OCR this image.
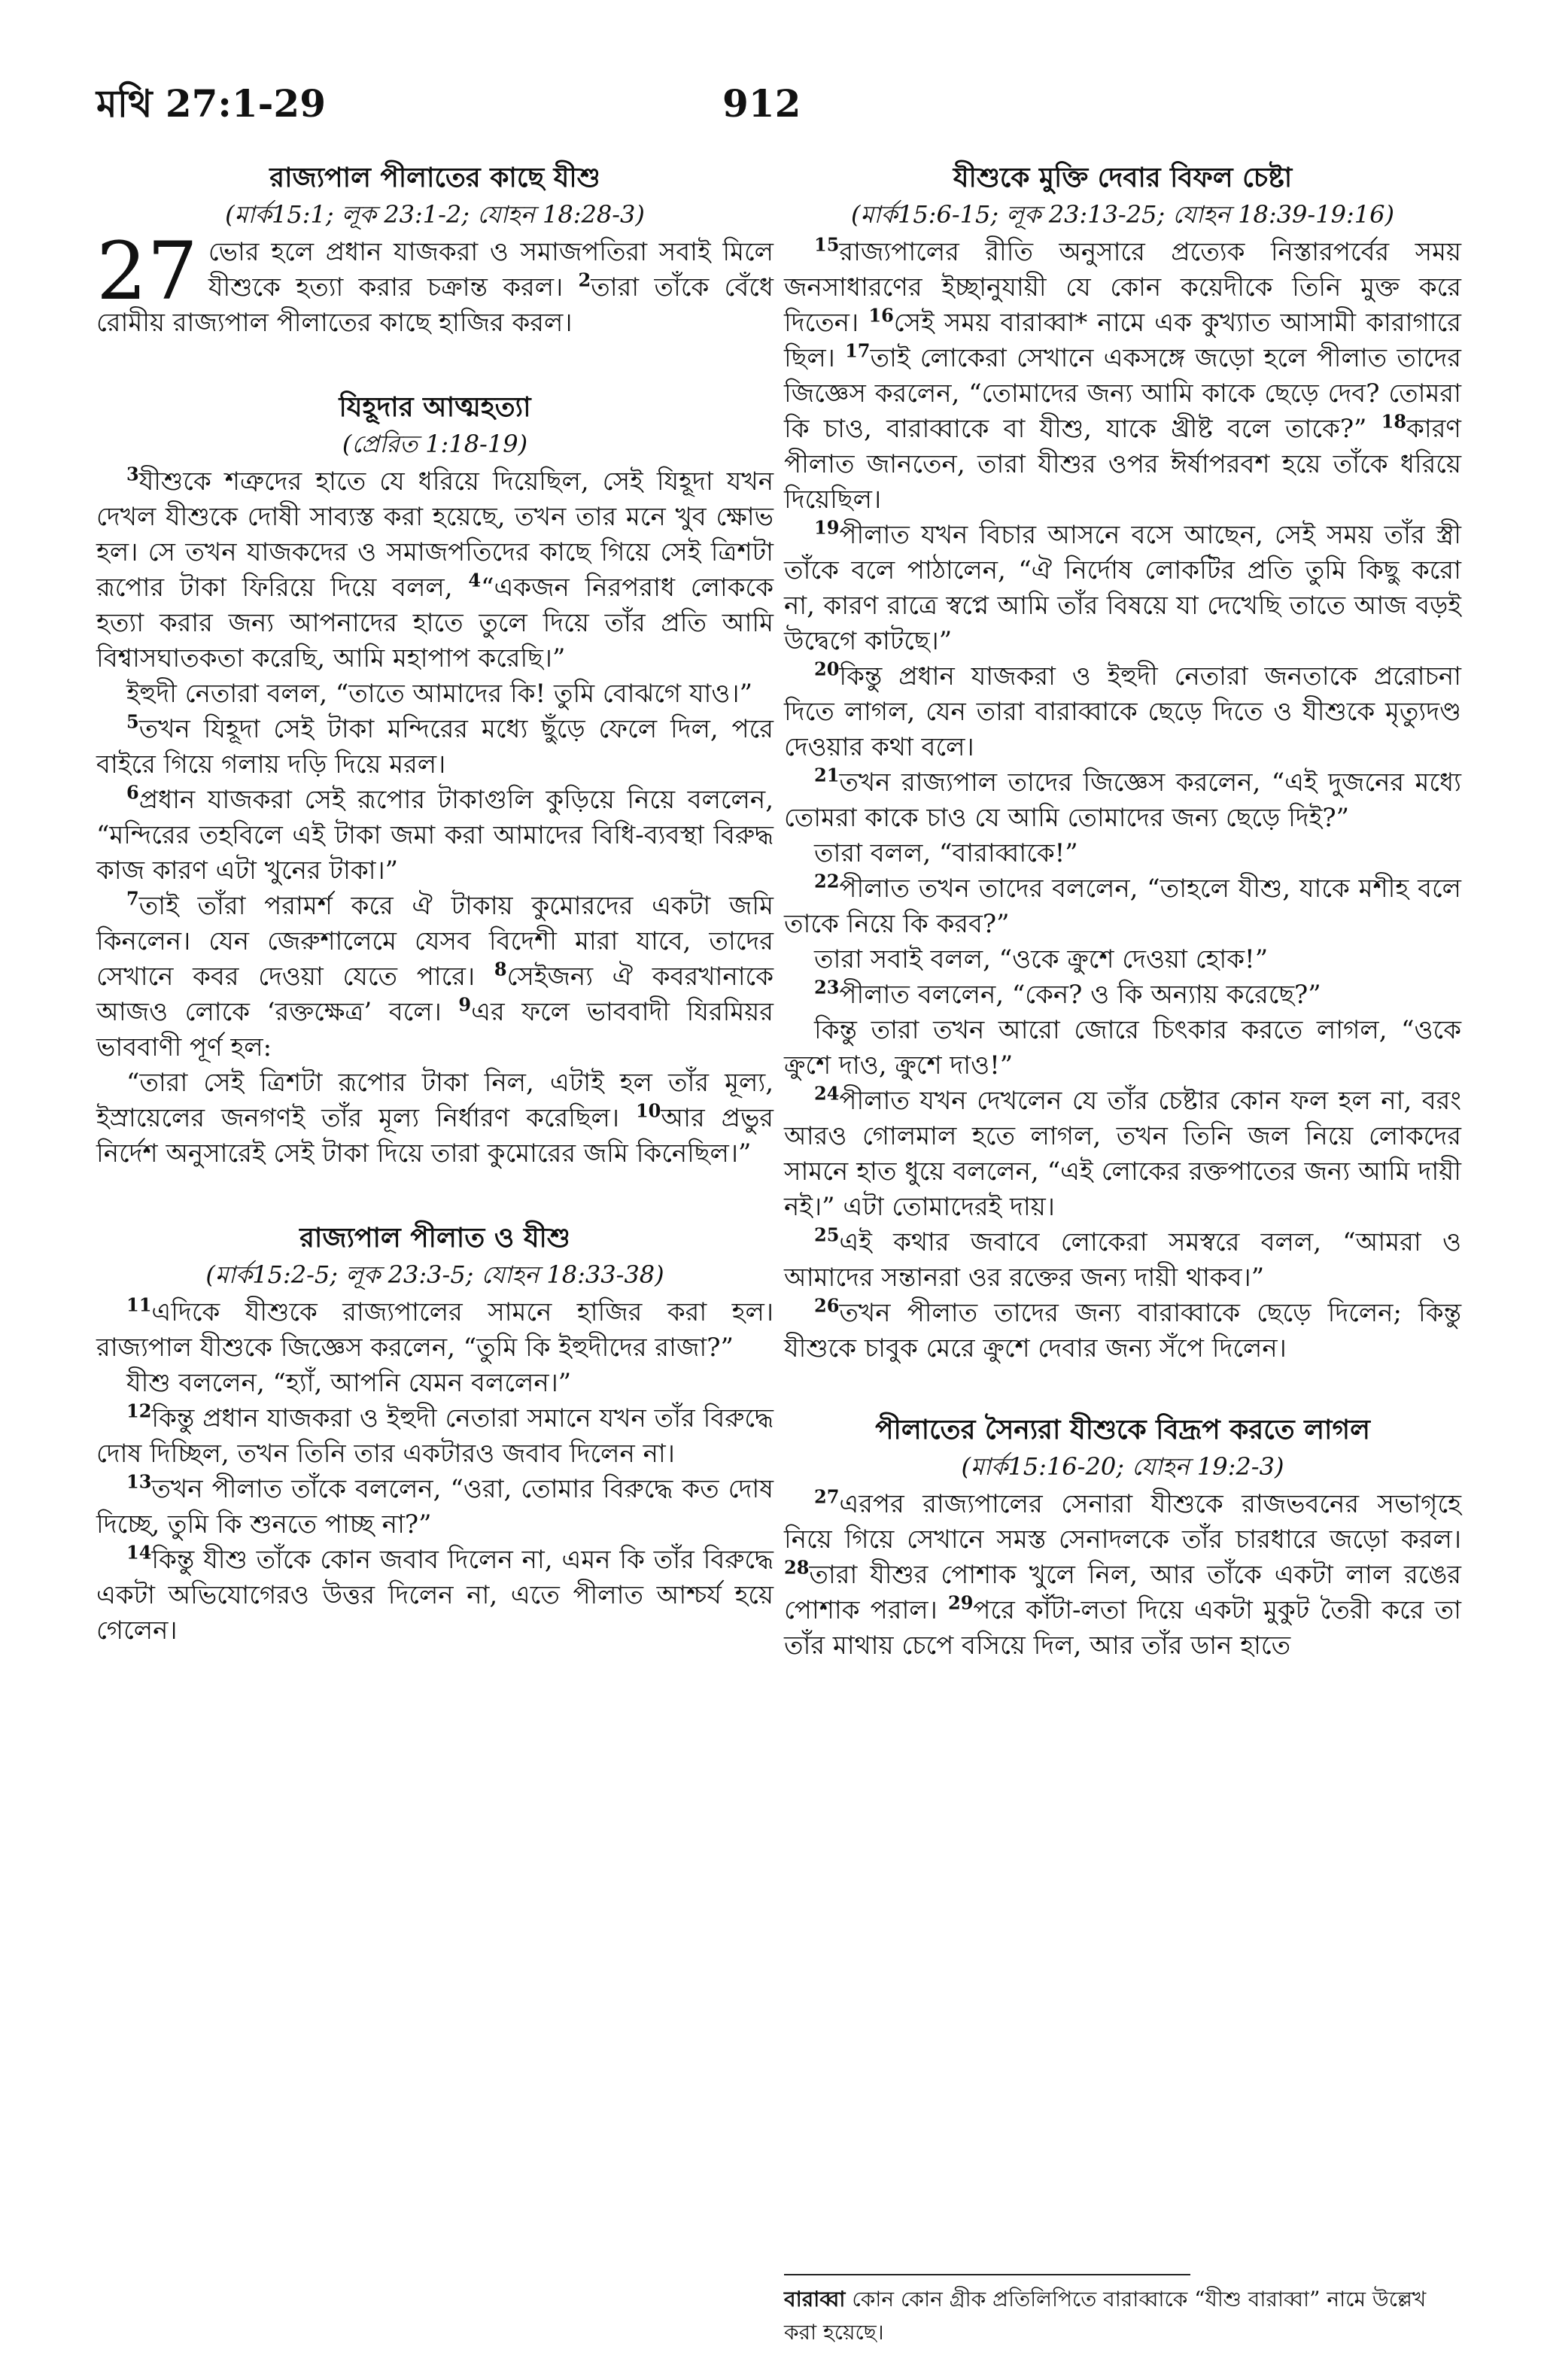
মথি 27:1-29	912
রাজ্যপাল পীলাতের কাছে যীশু
(মার্ক15:1; লূক 23:1-2; যোহন 18:28-3)

27 ভোর হলে প্রধান যাজকরা ও সমাজপতিরা সবাই মিলে যীশুকে হত্যা করার চক্রান্ত করল। $^2$তারা তাঁকে বেঁধে রোমীয় রাজ্যপাল পীলাতের কাছে হাজির করল।

যিহূদার আত্মহত্যা
(প্রেরিত 1:18-19)

$^3$যীশুকে শত্রুদের হাতে যে ধরিয়ে দিয়েছিল, সেই যিহূদা যখন দেখল যীশুকে দোষী সাব্যস্ত করা হয়েছে, তখন তার মনে খুব ক্ষোভ হল। সে তখন যাজকদের ও সমাজপতিদের কাছে গিয়ে সেই ত্রিশটা রূপোর টাকা ফিরিয়ে দিয়ে বলল, $^4$“একজন নিরপরাধ লোককে হত্যা করার জন্য আপনাদের হাতে তুলে দিয়ে তাঁর প্রতি আমি বিশ্বাসঘাতকতা করেছি, আমি মহাপাপ করেছি।”

ইহুদী নেতারা বলল, “তাতে আমাদের কি! তুমি বোঝগে যাও।”

$^5$তখন যিহূদা সেই টাকা মন্দিরের মধ্যে ছুঁড়ে ফেলে দিল, পরে বাইরে গিয়ে গলায় দড়ি দিয়ে মরল।

$^6$প্রধান যাজকরা সেই রূপোর টাকাগুলি কুড়িয়ে নিয়ে বললেন, “মন্দিরের তহবিলে এই টাকা জমা করা আমাদের বিধি-ব্যবস্থা বিরুদ্ধ কাজ কারণ এটা খুনের টাকা।”

$^7$তাই তাঁরা পরামর্শ করে ঐ টাকায় কুমোরদের একটা জমি কিনলেন। যেন জেরুশালেমে যেসব বিদেশী মারা যাবে, তাদের সেখানে কবর দেওয়া যেতে পারে। $^8$সেইজন্য ঐ কবরখানাকে আজও লোকে ‘রক্তক্ষেত্র’ বলে। $^9$এর ফলে ভাববাদী যিরমিয়র ভাববাণী পূর্ণ হল:

“তারা সেই ত্রিশটা রূপোর টাকা নিল, এটাই হল তাঁর মূল্য, ইস্রায়েলের জনগণই তাঁর মূল্য নির্ধারণ করেছিল। $^{10}$আর প্রভুর নির্দেশ অনুসারেই সেই টাকা দিয়ে তারা কুমোরের জমি কিনেছিল।”

রাজ্যপাল পীলাত ও যীশু
(মার্ক15:2-5; লূক 23:3-5; যোহন 18:33-38)

$^{11}$এদিকে যীশুকে রাজ্যপালের সামনে হাজির করা হল। রাজ্যপাল যীশুকে জিজ্ঞেস করলেন, “তুমি কি ইহুদীদের রাজা?”

যীশু বললেন, “হ্যাঁ, আপনি যেমন বললেন।”

$^{12}$কিন্তু প্রধান যাজকরা ও ইহুদী নেতারা সমানে যখন তাঁর বিরুদ্ধে দোষ দিচ্ছিল, তখন তিনি তার একটারও জবাব দিলেন না।

$^{13}$তখন পীলাত তাঁকে বললেন, “ওরা, তোমার বিরুদ্ধে কত দোষ দিচ্ছে, তুমি কি শুনতে পাচ্ছ না?”

$^{14}$কিন্তু যীশু তাঁকে কোন জবাব দিলেন না, এমন কি তাঁর বিরুদ্ধে একটা অভিযোগেরও উত্তর দিলেন না, এতে পীলাত আশ্চর্য হয়ে গেলেন।

যীশুকে মুক্তি দেবার বিফল চেষ্টা
(মার্ক15:6-15; লূক 23:13-25; যোহন 18:39-19:16)

$^{15}$রাজ্যপালের রীতি অনুসারে প্রত্যেক নিস্তারপর্বের সময় জনসাধারণের ইচ্ছানুযায়ী যে কোন কয়েদীকে তিনি মুক্ত করে দিতেন। $^{16}$সেই সময় বারাব্বা* নামে এক কুখ্যাত আসামী কারাগারে ছিল। $^{17}$তাই লোকেরা সেখানে একসঙ্গে জড়ো হলে পীলাত তাদের জিজ্ঞেস করলেন, “তোমাদের জন্য আমি কাকে ছেড়ে দেব? তোমরা কি চাও, বারাব্বাকে বা যীশু, যাকে খ্রীষ্ট বলে তাকে?” $^{18}$কারণ পীলাত জানতেন, তারা যীশুর ওপর ঈর্ষাপরবশ হয়ে তাঁকে ধরিয়ে দিয়েছিল।

$^{19}$পীলাত যখন বিচার আসনে বসে আছেন, সেই সময় তাঁর স্ত্রী তাঁকে বলে পাঠালেন, “ঐ নির্দোষ লোকটির প্রতি তুমি কিছু করো না, কারণ রাত্রে স্বপ্নে আমি তাঁর বিষয়ে যা দেখেছি তাতে আজ বড়ই উদ্বেগে কাটছে।”

$^{20}$কিন্তু প্রধান যাজকরা ও ইহুদী নেতারা জনতাকে প্ররোচনা দিতে লাগল, যেন তারা বারাব্বাকে ছেড়ে দিতে ও যীশুকে মৃত্যুদণ্ড দেওয়ার কথা বলে।

$^{21}$তখন রাজ্যপাল তাদের জিজ্ঞেস করলেন, “এই দুজনের মধ্যে তোমরা কাকে চাও যে আমি তোমাদের জন্য ছেড়ে দিই?”

তারা বলল, “বারাব্বাকে!”

$^{22}$পীলাত তখন তাদের বললেন, “তাহলে যীশু, যাকে মশীহ বলে তাকে নিয়ে কি করব?”

তারা সবাই বলল, “ওকে ক্রুশে দেওয়া হোক!”

$^{23}$পীলাত বললেন, “কেন? ও কি অন্যায় করেছে?”

কিন্তু তারা তখন আরো জোরে চিৎকার করতে লাগল, “ওকে ক্রুশে দাও, ক্রুশে দাও!”

$^{24}$পীলাত যখন দেখলেন যে তাঁর চেষ্টার কোন ফল হল না, বরং আরও গোলমাল হতে লাগল, তখন তিনি জল নিয়ে লোকদের সামনে হাত ধুয়ে বললেন, “এই লোকের রক্তপাতের জন্য আমি দায়ী নই।” এটা তোমাদেরই দায়।

$^{25}$এই কথার জবাবে লোকেরা সমস্বরে বলল, “আমরা ও আমাদের সন্তানরা ওর রক্তের জন্য দায়ী থাকব।”

$^{26}$তখন পীলাত তাদের জন্য বারাব্বাকে ছেড়ে দিলেন; কিন্তু যীশুকে চাবুক মেরে ক্রুশে দেবার জন্য সঁপে দিলেন।

পীলাতের সৈন্যরা যীশুকে বিদ্রূপ করতে লাগল
(মার্ক15:16-20; যোহন 19:2-3)

$^{27}$এরপর রাজ্যপালের সেনারা যীশুকে রাজভবনের সভাগৃহে নিয়ে গিয়ে সেখানে সমস্ত সেনাদলকে তাঁর চারধারে জড়ো করল। $^{28}$তারা যীশুর পোশাক খুলে নিল, আর তাঁকে একটা লাল রঙের পোশাক পরাল। $^{29}$পরে কাঁটা-লতা দিয়ে একটা মুকুট তৈরী করে তা তাঁর মাথায় চেপে বসিয়ে দিল, আর তাঁর ডান হাতে

বারাব্বা কোন কোন গ্রীক প্রতিলিপিতে বারাব্বাকে “যীশু বারাব্বা” নামে উল্লেখ করা হয়েছে।
